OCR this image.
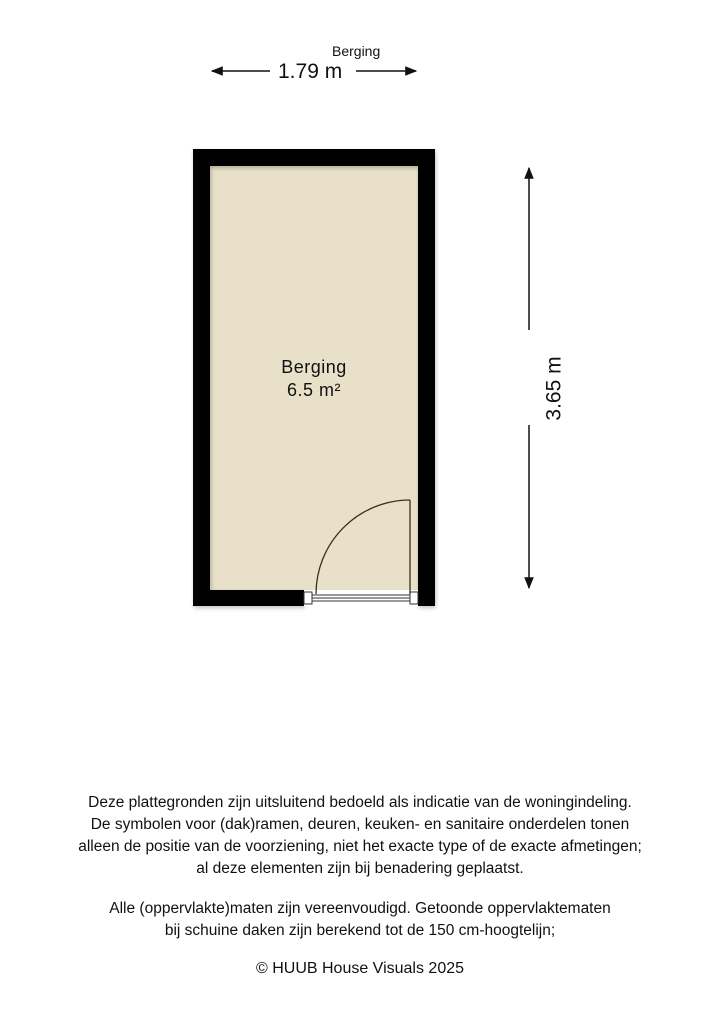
Berging
1.79 m
3.65 m
Berging
6.5 m²

Deze plattegronden zijn uitsluitend bedoeld als indicatie van de woningindeling.

De symbolen voor (dak)ramen, deuren, keuken- en sanitaire onderdelen tonen

alleen de positie van de voorziening, niet het exacte type of de exacte afmetingen;

al deze elementen zijn bij benadering geplaatst.

Alle (oppervlakte)maten zijn vereenvoudigd. Getoonde oppervlaktematen

bij schuine daken zijn berekend tot de 150 cm-hoogtelijn;

© HUUB House Visuals 2025
